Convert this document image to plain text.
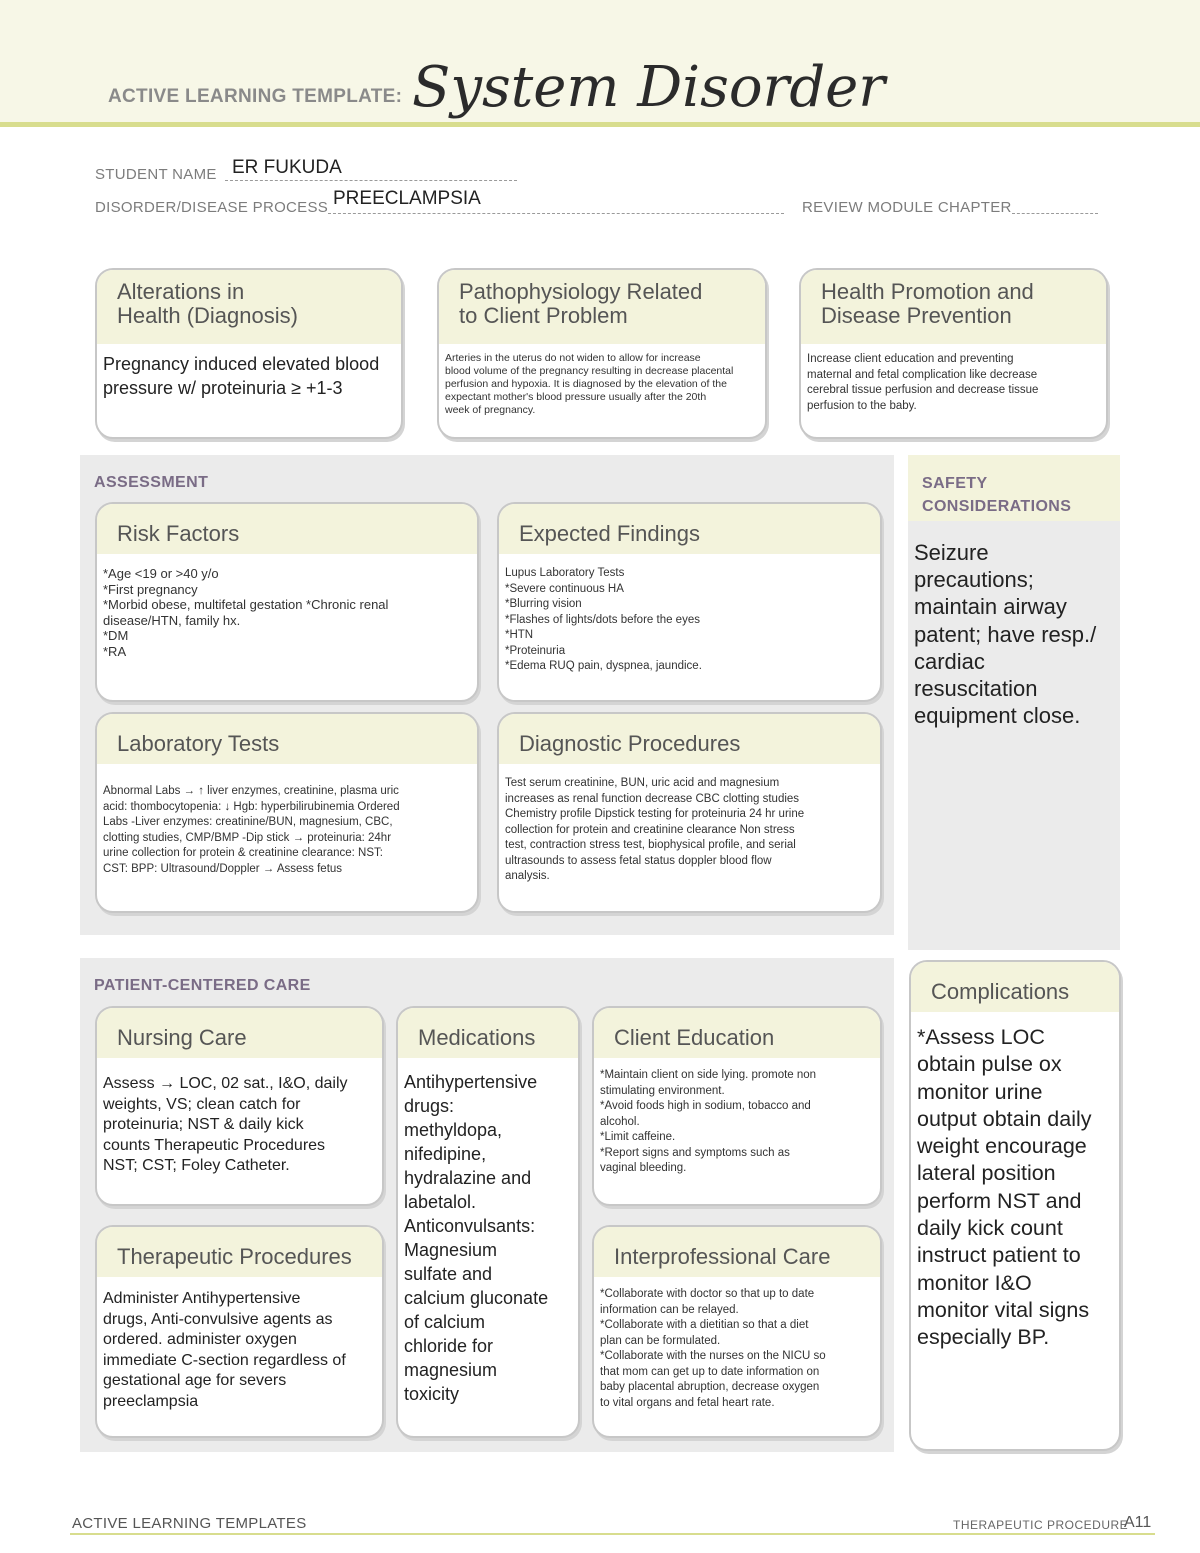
ACTIVE LEARNING TEMPLATE: System Disorder
STUDENT NAME ER FUKUDA
DISORDER/DISEASE PROCESS PREECLAMPSIA	REVIEW MODULE CHAPTER
Alterations in
Health (Diagnosis)
Pregnancy induced elevated blood
pressure w/ proteinuria ≥ +1-3
Pathophysiology Related
to Client Problem
Arteries in the uterus do not widen to allow for increase
blood volume of the pregnancy resulting in decrease placental
perfusion and hypoxia. It is diagnosed by the elevation of the
expectant mother's blood pressure usually after the 20th
week of pregnancy.
Health Promotion and
Disease Prevention
Increase client education and preventing
maternal and fetal complication like decrease
cerebral tissue perfusion and decrease tissue
perfusion to the baby.
ASSESSMENT
Risk Factors
*Age <19 or >40 y/o
*First pregnancy
*Morbid obese, multifetal gestation *Chronic renal
disease/HTN, family hx.
*DM
*RA
Expected Findings
Lupus Laboratory Tests
*Severe continuous HA
*Blurring vision
*Flashes of lights/dots before the eyes
*HTN
*Proteinuria
*Edema RUQ pain, dyspnea, jaundice.
Laboratory Tests
Abnormal Labs → ↑ liver enzymes, creatinine, plasma uric
acid: thombocytopenia: ↓ Hgb: hyperbilirubinemia Ordered
Labs -Liver enzymes: creatinine/BUN, magnesium, CBC,
clotting studies, CMP/BMP -Dip stick → proteinuria: 24hr
urine collection for protein & creatinine clearance: NST:
CST: BPP: Ultrasound/Doppler → Assess fetus
Diagnostic Procedures
Test serum creatinine, BUN, uric acid and magnesium
increases as renal function decrease CBC clotting studies
Chemistry profile Dipstick testing for proteinuria 24 hr urine
collection for protein and creatinine clearance Non stress
test, contraction stress test, biophysical profile, and serial
ultrasounds to assess fetal status doppler blood flow
analysis.
SAFETY
CONSIDERATIONS
Seizure
precautions;
maintain airway
patent; have resp./
cardiac
resuscitation
equipment close.
PATIENT-CENTERED CARE
Nursing Care
Assess → LOC, 02 sat., I&O, daily
weights, VS; clean catch for
proteinuria; NST & daily kick
counts Therapeutic Procedures
NST; CST; Foley Catheter.
Medications
Antihypertensive
drugs:
methyldopa,
nifedipine,
hydralazine and
labetalol.
Anticonvulsants:
Magnesium
sulfate and
calcium gluconate
of calcium
chloride for
magnesium
toxicity
Client Education
*Maintain client on side lying. promote non
stimulating environment.
*Avoid foods high in sodium, tobacco and
alcohol.
*Limit caffeine.
*Report signs and symptoms such as
vaginal bleeding.
Therapeutic Procedures
Administer Antihypertensive
drugs, Anti-convulsive agents as
ordered. administer oxygen
immediate C-section regardless of
gestational age for severs
preeclampsia
Interprofessional Care
*Collaborate with doctor so that up to date
information can be relayed.
*Collaborate with a dietitian so that a diet
plan can be formulated.
*Collaborate with the nurses on the NICU so
that mom can get up to date information on
baby placental abruption, decrease oxygen
to vital organs and fetal heart rate.
Complications
*Assess LOC
obtain pulse ox
monitor urine
output obtain daily
weight encourage
lateral position
perform NST and
daily kick count
instruct patient to
monitor I&O
monitor vital signs
especially BP.
ACTIVE LEARNING TEMPLATES	THERAPEUTIC PROCEDURE
A11
